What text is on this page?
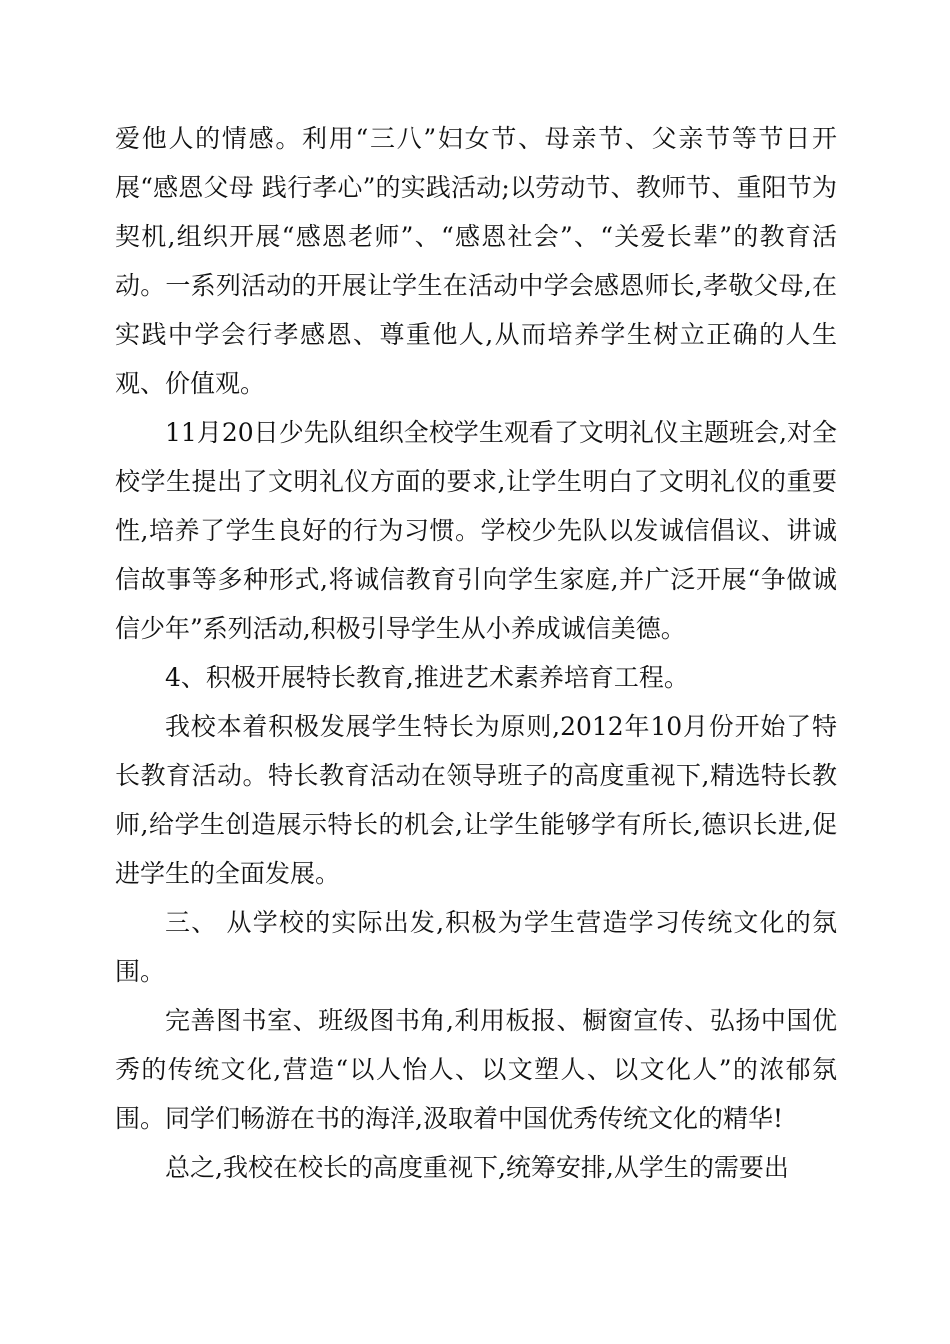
爱他人的情感。利用“三八”妇女节、母亲节、父亲节等节日开展“感恩父母 践行孝心”的实践活动;以劳动节、教师节、重阳节为契机,组织开展“感恩老师”、“感恩社会”、“关爱长辈”的教育活动。一系列活动的开展让学生在活动中学会感恩师长,孝敬父母,在实践中学会行孝感恩、尊重他人,从而培养学生树立正确的人生观、价值观。

11月20日少先队组织全校学生观看了文明礼仪主题班会,对全校学生提出了文明礼仪方面的要求,让学生明白了文明礼仪的重要性,培养了学生良好的行为习惯。学校少先队以发诚信倡议、讲诚信故事等多种形式,将诚信教育引向学生家庭,并广泛开展“争做诚信少年”系列活动,积极引导学生从小养成诚信美德。

4、积极开展特长教育,推进艺术素养培育工程。

我校本着积极发展学生特长为原则,2012年10月份开始了特长教育活动。特长教育活动在领导班子的高度重视下,精选特长教师,给学生创造展示特长的机会,让学生能够学有所长,德识长进,促进学生的全面发展。

三、 从学校的实际出发,积极为学生营造学习传统文化的氛围。

完善图书室、班级图书角,利用板报、橱窗宣传、弘扬中国优秀的传统文化,营造“以人怡人、以文塑人、以文化人”的浓郁氛围。同学们畅游在书的海洋,汲取着中国优秀传统文化的精华!

总之,我校在校长的高度重视下,统筹安排,从学生的需要出
